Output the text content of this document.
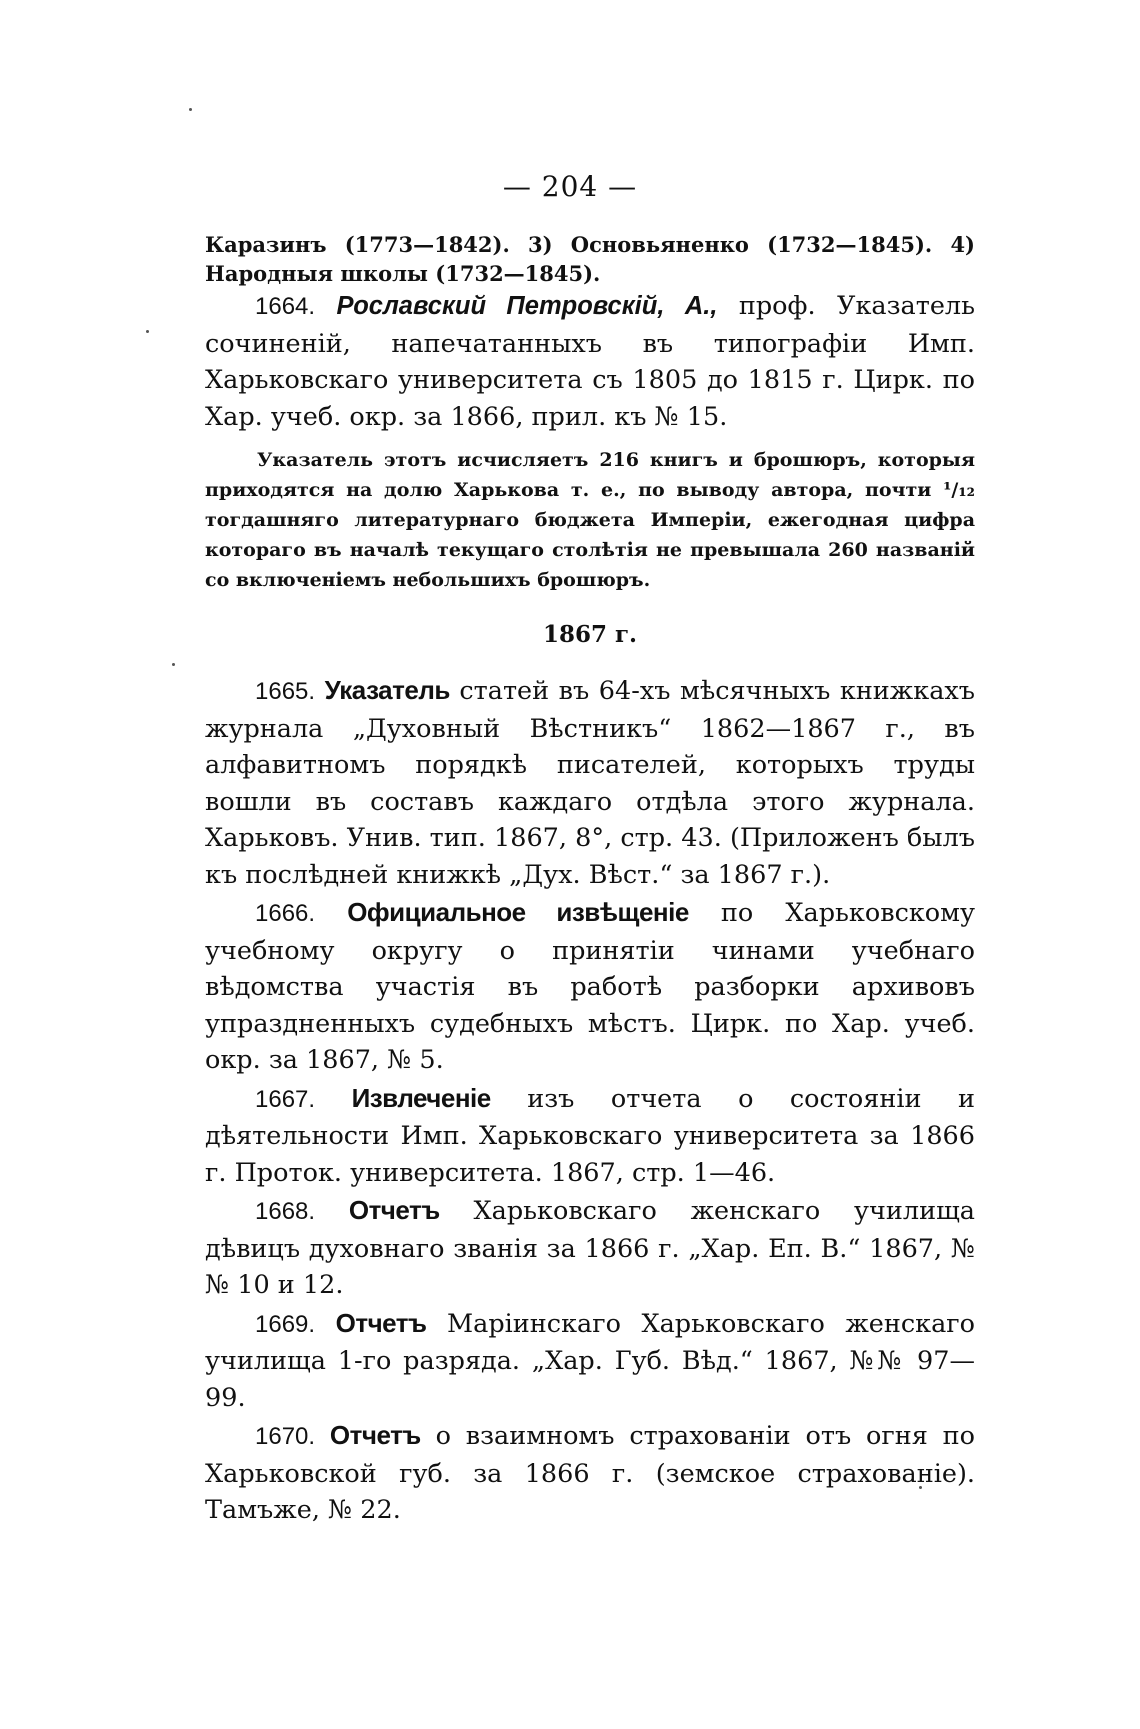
— 204 —

Каразинъ (1773—1842). 3) Основьяненко (1732—1845). 4) Народныя школы (1732—1845).

1664. Рославский Петровскій, А., проф. Указатель сочиненій, напечатанныхъ въ типографіи Имп. Харьковскаго университета съ 1805 до 1815 г. Цирк. по Хар. учеб. окр. за 1866, прил. къ № 15.

Указатель этотъ исчисляетъ 216 книгъ и брошюръ, которыя приходятся на долю Харькова т. е., по выводу автора, почти ¹/₁₂ тогдашняго литературнаго бюджета Имперіи, ежегодная цифра котораго въ началѣ текущаго столѣтія не превышала 260 названій со включеніемъ небольшихъ брошюръ.

1867 г.

1665. Указатель статей въ 64-хъ мѣсячныхъ книжкахъ журнала „Духовный Вѣстникъ“ 1862—1867 г., въ алфавитномъ порядкѣ писателей, которыхъ труды вошли въ составъ каждаго отдѣла этого журнала. Харьковъ. Унив. тип. 1867, 8°, стр. 43. (Приложенъ былъ къ послѣдней книжкѣ „Дух. Вѣст.“ за 1867 г.).

1666. Официальное извѣщеніе по Харьковскому учебному округу о принятіи чинами учебнаго вѣдомства участія въ работѣ разборки архивовъ упраздненныхъ судебныхъ мѣстъ. Цирк. по Хар. учеб. окр. за 1867, № 5.

1667. Извлеченіе изъ отчета о состояніи и дѣятельности Имп. Харьковскаго университета за 1866 г. Проток. университета. 1867, стр. 1—46.

1668. Отчетъ Харьковскаго женскаго училища дѣвицъ духовнаго званія за 1866 г. „Хар. Еп. В.“ 1867, №№ 10 и 12.

1669. Отчетъ Маріинскаго Харьковскаго женскаго училища 1-го разряда. „Хар. Губ. Вѣд.“ 1867, №№ 97—99.

1670. Отчетъ о взаимномъ страхованіи отъ огня по Харьковской губ. за 1866 г. (земское страхованіе). Тамъже, № 22.
